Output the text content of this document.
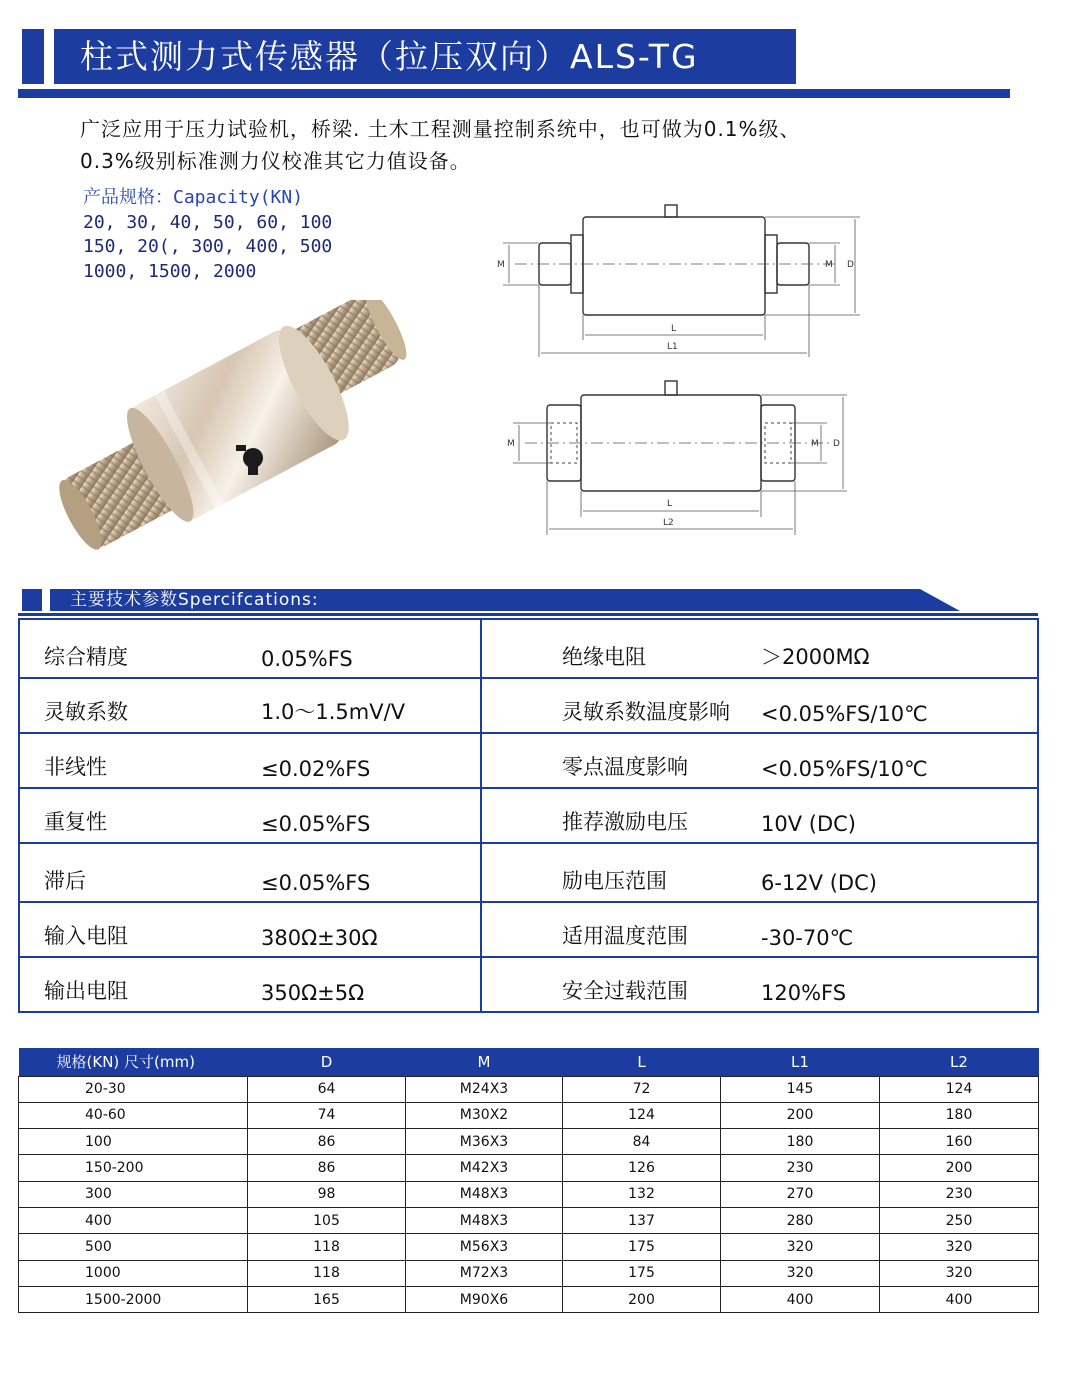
柱式测力式传感器（拉压双向）ALS-TG

广泛应用于压力试验机，桥梁. 土木工程测量控制系统中，也可做为0.1%级、

0.3%级别标准测力仪校准其它力值设备。

产品规格：Capacity(KN)
20, 30, 40, 50, 60, 100
150, 20(, 300, 400, 500
1000, 1500, 2000	M	M D
L
L1
M	M D
L
L2
主要技术参数Spercifcations:
综合精度	0.05%FS	绝缘电阻	＞2000MΩ
灵敏系数	1.0～1.5mV/V	灵敏系数温度影响	<0.05%FS/10℃
非线性	≤0.02%FS	零点温度影响	<0.05%FS/10℃
重复性	≤0.05%FS	推荐激励电压	10V (DC)
滞后	≤0.05%FS	励电压范围	6-12V (DC)
输入电阻	380Ω±30Ω	适用温度范围	-30-70℃
输出电阻	350Ω±5Ω	安全过载范围	120%FS
规格(KN) 尺寸(mm)	D	M	L	L1	L2
20-30	64	M24X3	72	145	124
40-60	74	M30X2	124	200	180
100	86	M36X3	84	180	160
150-200	86	M42X3	126	230	200
300	98	M48X3	132	270	230
400	105	M48X3	137	280	250
500	118	M56X3	175	320	320
1000	118	M72X3	175	320	320
1500-2000	165	M90X6	200	400	400
